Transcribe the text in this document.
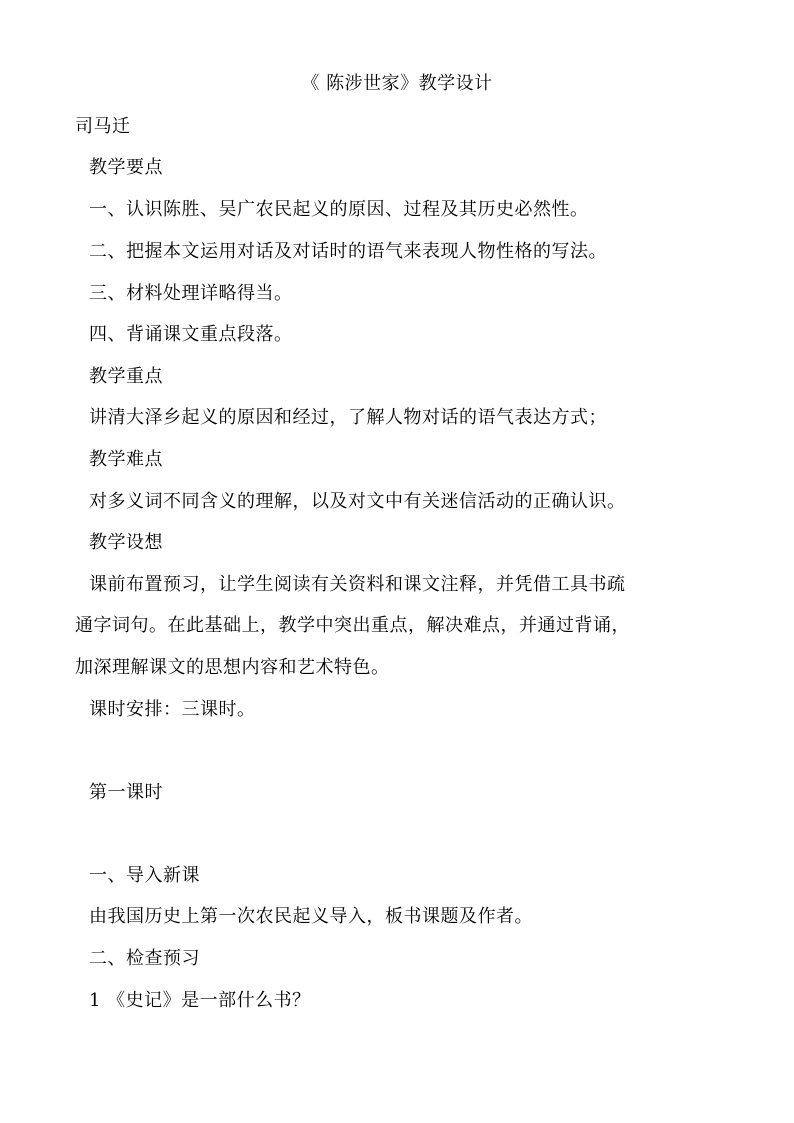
《 陈涉世家》教学设计
司马迁
教学要点
一、认识陈胜、吴广农民起义的原因、过程及其历史必然性。
二、把握本文运用对话及对话时的语气来表现人物性格的写法。
三、材料处理详略得当。
四、背诵课文重点段落。
教学重点
讲清大泽乡起义的原因和经过，了解人物对话的语气表达方式；
教学难点
对多义词不同含义的理解，以及对文中有关迷信活动的正确认识。
教学设想
课前布置预习，让学生阅读有关资料和课文注释，并凭借工具书疏
通字词句。在此基础上，教学中突出重点，解决难点，并通过背诵，
加深理解课文的思想内容和艺术特色。
课时安排：三课时。
第一课时
一、导入新课
由我国历史上第一次农民起义导入，板书课题及作者。
二、检查预习
1 《史记》是一部什么书？
